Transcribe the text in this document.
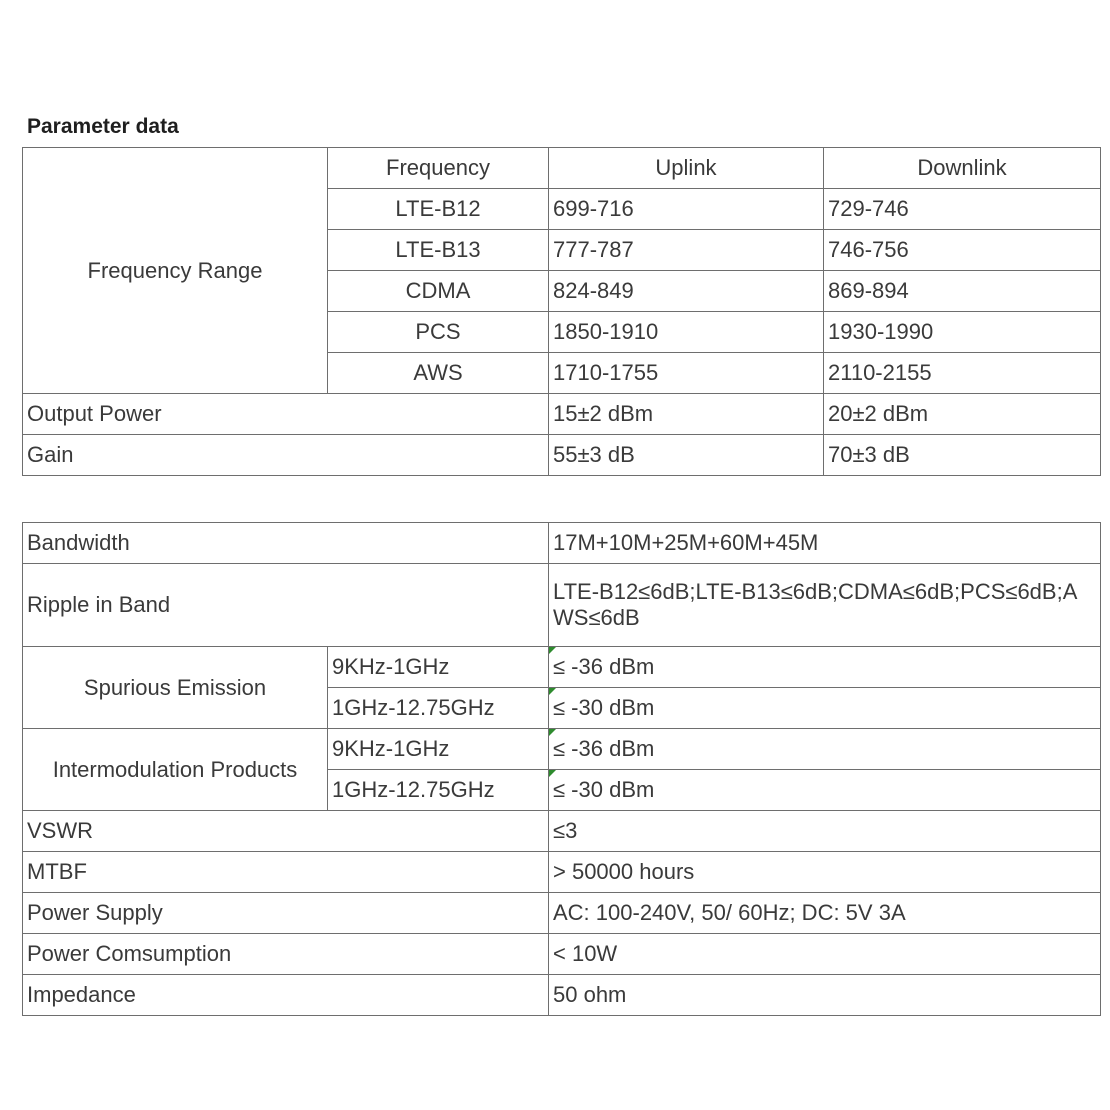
Parameter data
Frequency Range	Frequency	Uplink	Downlink
	LTE-B12	699-716	729-746
	LTE-B13	777-787	746-756
	CDMA	824-849	869-894
	PCS	1850-1910	1930-1990
	AWS	1710-1755	2110-2155
Output Power		15±2 dBm	20±2 dBm
Gain		55±3 dB	70±3 dB
Bandwidth		17M+10M+25M+60M+45M
Ripple in Band		LTE-B12≤6dB;LTE-B13≤6dB;CDMA≤6dB;PCS≤6dB;AWS≤6dB
Spurious Emission	9KHz-1GHz	≤ -36 dBm
	1GHz-12.75GHz	≤ -30 dBm
Intermodulation Products	9KHz-1GHz	≤ -36 dBm
	1GHz-12.75GHz	≤ -30 dBm
VSWR		≤3
MTBF		> 50000 hours
Power Supply		AC: 100-240V, 50/ 60Hz; DC: 5V 3A
Power Comsumption		< 10W
Impedance		50 ohm
